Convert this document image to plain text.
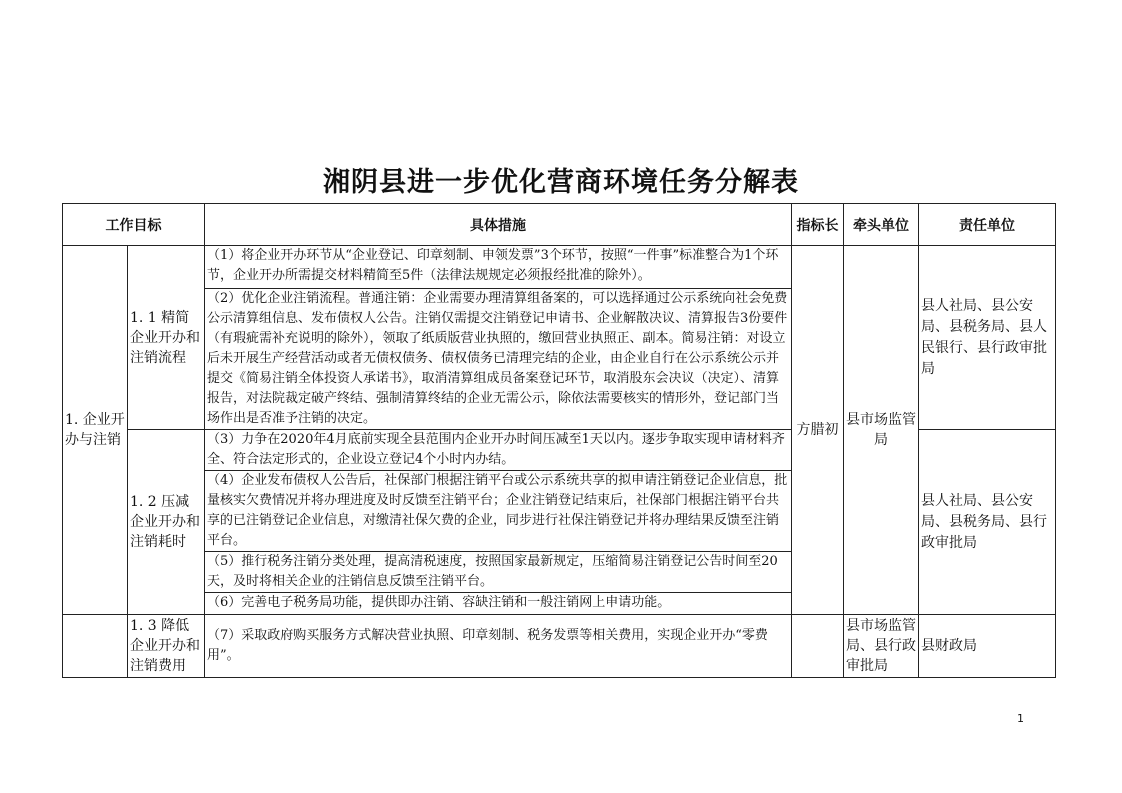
湘阴县进一步优化营商环境任务分解表
工作目标		具体措施	指标长	牵头单位	责任单位
1. 企业开办与注销	1. 1 精简企业开办和注销流程	（1）将企业开办环节从“企业登记、印章刻制、申领发票”3个环节，按照“一件事”标准整合为1个环节，企业开办所需提交材料精简至5件（法律法规规定必须报经批准的除外）。	方腊初	县市场监管局	县人社局、县公安局、县税务局、县人民银行、县行政审批局
		（2）优化企业注销流程。普通注销：企业需要办理清算组备案的，可以选择通过公示系统向社会免费公示清算组信息、发布债权人公告。注销仅需提交注销登记申请书、企业解散决议、清算报告3份要件（有瑕疵需补充说明的除外），领取了纸质版营业执照的，缴回营业执照正、副本。简易注销：对设立后未开展生产经营活动或者无债权债务、债权债务已清理完结的企业，由企业自行在公示系统公示并提交《简易注销全体投资人承诺书》，取消清算组成员备案登记环节，取消股东会决议（决定）、清算报告，对法院裁定破产终结、强制清算终结的企业无需公示，除依法需要核实的情形外，登记部门当场作出是否准予注销的决定。			
	1. 2 压减企业开办和注销耗时	（3）力争在2020年4月底前实现全县范围内企业开办时间压减至1天以内。逐步争取实现申请材料齐全、符合法定形式的，企业设立登记4个小时内办结。			县人社局、县公安局、县税务局、县行政审批局
		（4）企业发布债权人公告后，社保部门根据注销平台或公示系统共享的拟申请注销登记企业信息，批量核实欠费情况并将办理进度及时反馈至注销平台；企业注销登记结束后，社保部门根据注销平台共享的已注销登记企业信息，对缴清社保欠费的企业，同步进行社保注销登记并将办理结果反馈至注销平台。			
		（5）推行税务注销分类处理，提高清税速度，按照国家最新规定，压缩简易注销登记公告时间至20天，及时将相关企业的注销信息反馈至注销平台。			
		（6）完善电子税务局功能，提供即办注销、容缺注销和一般注销网上申请功能。			
	1. 3 降低企业开办和注销费用	（7）采取政府购买服务方式解决营业执照、印章刻制、税务发票等相关费用，实现企业开办“零费用”。		县市场监管局、县行政审批局	县财政局
1
